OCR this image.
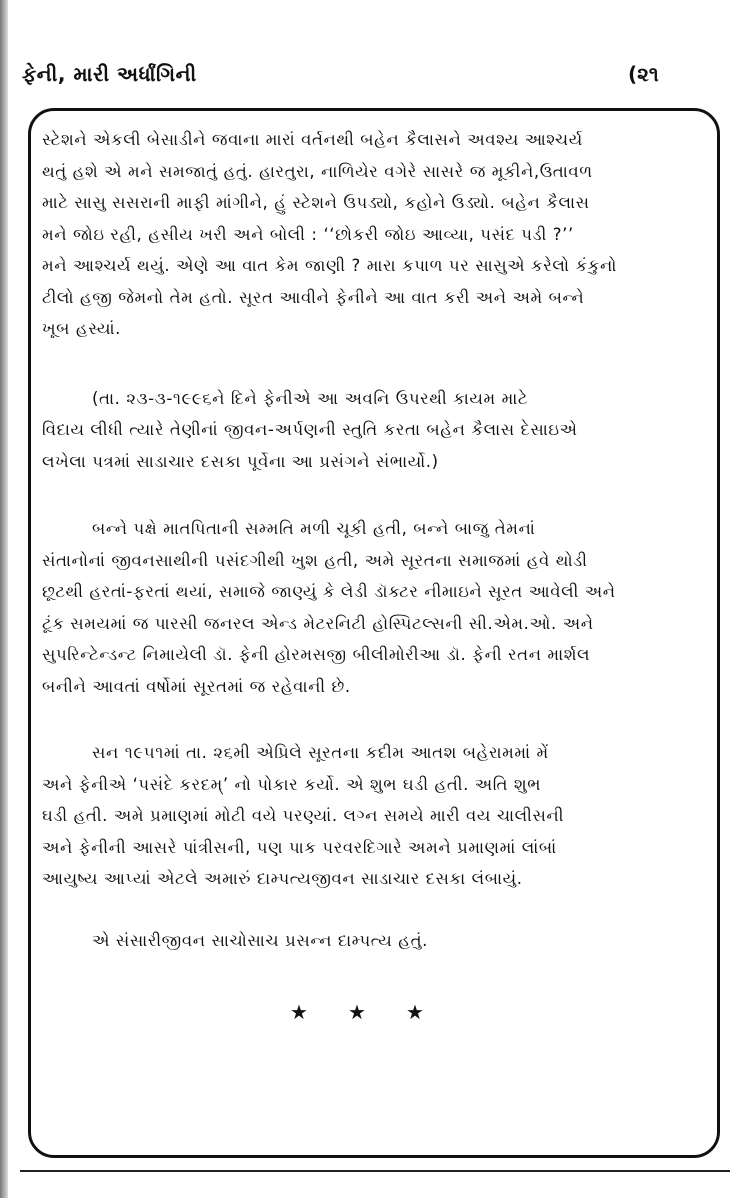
ફેની, મારી અર્ધાંગિની	(૨૧
સ્ટેશને એકલી બેસાડીને જવાના મારાં વર્તનથી બહેન કૈલાસને અવશ્ય આશ્ચર્ય
થતું હશે એ મને સમજાતું હતું. હારતુરા, નાળિયેર વગેરે સાસરે જ મૂકીને,ઉતાવળ
માટે સાસુ સસરાની માફી માંગીને, હું સ્ટેશને ઉપડ્યો, કહોને ઉડ્યો. બહેન કૈલાસ
મને જોઇ રહી, હસીય ખરી અને બોલી : ‘‘છોકરી જોઇ આવ્યા, પસંદ પડી ?’’
મને આશ્ચર્ય થયું. એણે આ વાત કેમ જાણી ? મારા કપાળ પર સાસુએ કરેલો કંકુનો
ટીલો હજી જેમનો તેમ હતો. સૂરત આવીને ફેનીને આ વાત કરી અને અમે બન્ને
ખૂબ હસ્યાં.
(તા. ૨૩-૩-૧૯૯૬ને દિને ફેનીએ આ અવનિ ઉપરથી કાયમ માટે
વિદાય લીધી ત્યારે તેણીનાં જીવન-અર્પણની સ્તુતિ કરતા બહેન કૈલાસ દેસાઇએ
લખેલા પત્રમાં સાડાચાર દસકા પૂર્વેના આ પ્રસંગને સંભાર્યો.)
બન્ને પક્ષે માતપિતાની સમ્મતિ મળી ચૂકી હતી, બન્ને બાજુ તેમનાં
સંતાનોનાં જીવનસાથીની પસંદગીથી ખુશ હતી, અમે સૂરતના સમાજમાં હવે થોડી
છૂટથી હરતાં-ફરતાં થયાં, સમાજે જાણ્યું કે લેડી ડૉક્ટર નીમાઇને સૂરત આવેલી અને
ટૂંક સમયમાં જ પારસી જનરલ એન્ડ મેટરનિટી હોસ્પિટલ્સની સી.એમ.ઓ. અને
સુપરિન્ટેન્ડન્ટ નિમાયેલી ડૉ. ફેની હોરમસજી બીલીમોરીઆ ડૉ. ફેની રતન માર્શલ
બનીને આવતાં વર્ષોમાં સૂરતમાં જ રહેવાની છે.
સન ૧૯૫૧માં તા. ૨૬મી એપ્રિલે સૂરતના કદીમ આતશ બહેરામમાં મેં
અને ફેનીએ ‘પસંદે કરદમ્’ નો પોકાર કર્યો. એ શુભ ઘડી હતી. અતિ શુભ
ઘડી હતી. અમે પ્રમાણમાં મોટી વયે પરણ્યાં. લગ્ન સમયે મારી વય ચાલીસની
અને ફેનીની આસરે પાંત્રીસની, પણ પાક પરવરદિગારે અમને પ્રમાણમાં લાંબાં
આયુષ્ય આપ્યાં એટલે અમારું દામ્પત્યજીવન સાડાચાર દસકા લંબાયું.
એ સંસારીજીવન સાચોસાચ પ્રસન્ન દામ્પત્ય હતું.
★ ★ ★
